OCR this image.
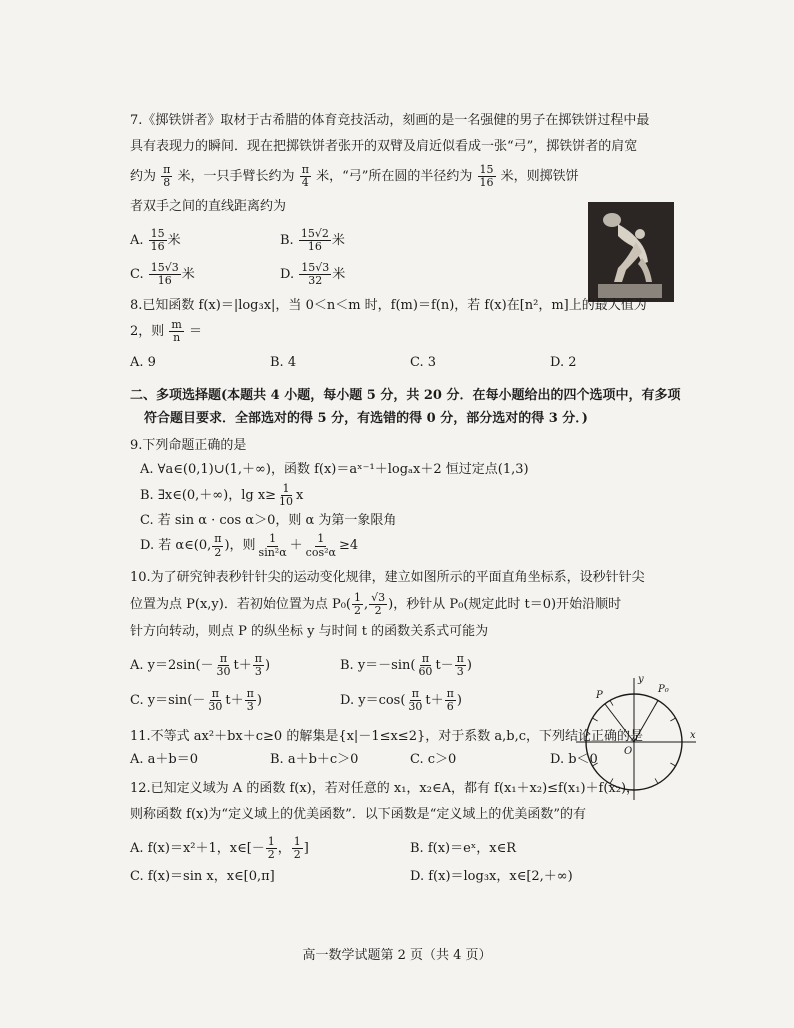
P
P₀
O
x
y
7.《掷铁饼者》取材于古希腊的体育竞技活动，刻画的是一名强健的男子在掷铁饼过程中最
具有表现力的瞬间．现在把掷铁饼者张开的双臂及肩近似看成一张“弓”，掷铁饼者的肩宽
约为 $\frac{\pi}{8}$ 米，一只手臂长约为 $\frac{\pi}{4}$ 米，“弓”所在圆的半径约为 $\frac{15}{16}$ 米，则掷铁饼
者双手之间的直线距离约为
A. $\frac{15}{16}$ 米	B. $\frac{15√2}{16}$ 米
C. $\frac{15√3}{16}$ 米	D. $\frac{15√3}{32}$ 米
8.已知函数 f(x)＝|log₃x|，当 0＜n＜m 时，f(m)＝f(n)，若 f(x)在[n²，m]上的最大值为
2，则 $\frac{m}{n}$ ＝
A. 9	B. 4	C. 3	D. 2
二、多项选择题(本题共 4 小题，每小题 5 分，共 20 分．在每小题给出的四个选项中，有多项
符合题目要求．全部选对的得 5 分，有选错的得 0 分，部分选对的得 3 分．)
9.下列命题正确的是
A. ∀a∈(0,1)∪(1,＋∞)，函数 f(x)＝aˣ⁻¹＋logₐx＋2 恒过定点(1,3)
B. ∃x∈(0,＋∞)，$\lg x\ge \frac{1}{10}$ x
C. 若 sin α · cos α＞0，则 α 为第一象限角
D. 若 α∈(0, $\frac{\pi}{2}$ )，则 $\frac{1}{\text{sin²α}} + \frac{1}{\text{cos²α}} \ge 4$
10.为了研究钟表秒针针尖的运动变化规律，建立如图所示的平面直角坐标系，设秒针针尖
位置为点 P(x,y)．若初始位置为点 $P_0( \frac{1}{2}$ , $\frac{√3}{2}$ )，秒针从 P₀(规定此时 t＝0)开始沿顺时
针方向转动，则点 P 的纵坐标 y 与时间 t 的函数关系式可能为
A. $y=2\sin(- \frac{\pi}{30} t+ \frac{\pi}{3}$ )	B. $y=-\sin( \frac{\pi}{60} t- \frac{\pi}{3}$ )
C. $y=\sin(- \frac{\pi}{30} t+ \frac{\pi}{3}$ )	D. $y=\cos( \frac{\pi}{30} t+ \frac{\pi}{6}$ )
11.不等式 ax²＋bx＋c≥0 的解集是{x|－1≤x≤2}，对于系数 a,b,c，下列结论正确的是
A. a＋b＝0	B. a＋b＋c＞0	C. c＞0	D. b＜0
12.已知定义域为 A 的函数 f(x)，若对任意的 x₁，x₂∈A，都有 f(x₁＋x₂)≤f(x₁)＋f(x₂)，
则称函数 f(x)为“定义域上的优美函数”．以下函数是“定义域上的优美函数”的有
A. f(x)＝x²＋1，x∈[－ $\frac{1}{2}$ ， $\frac{1}{2}$ ]	B. f(x)＝eˣ，x∈R
C. f(x)＝sin x，x∈[0,π]	D. f(x)＝log₃x，x∈[2,＋∞)
高一数学试题第 2 页（共 4 页）
